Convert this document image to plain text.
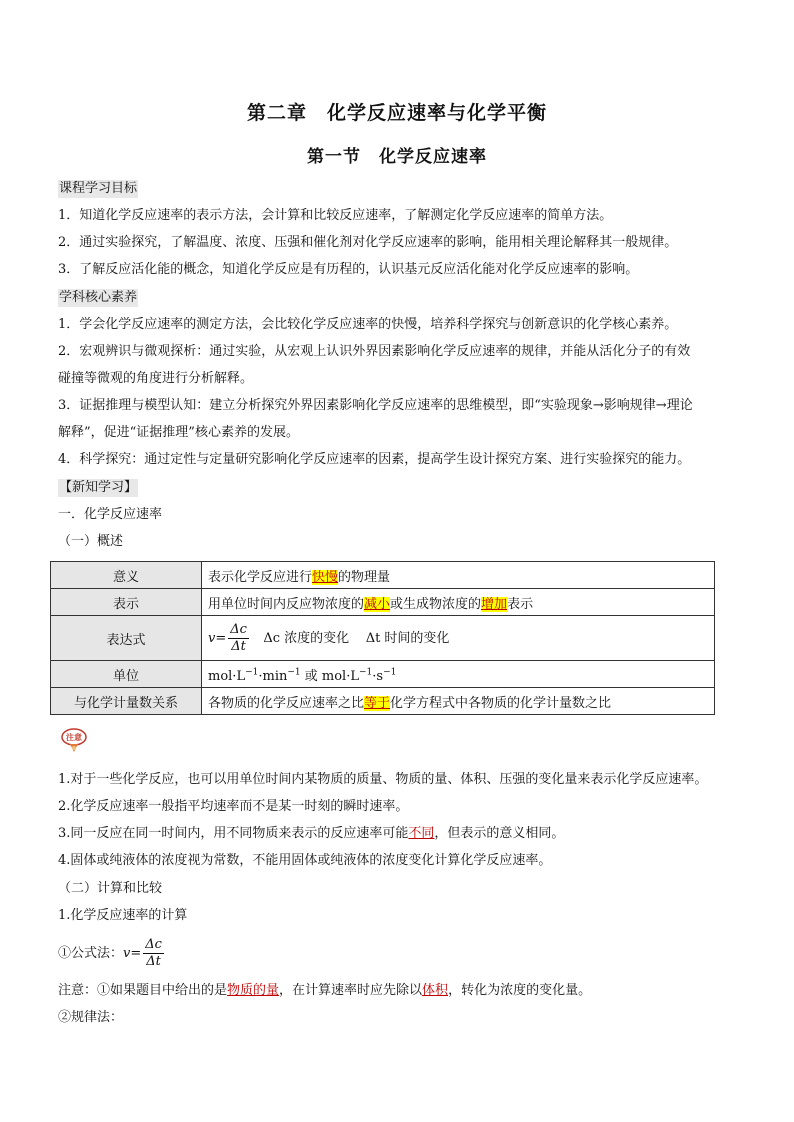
第二章　化学反应速率与化学平衡
第一节　化学反应速率
课程学习目标
1．知道化学反应速率的表示方法，会计算和比较反应速率，了解测定化学反应速率的简单方法。
2．通过实验探究，了解温度、浓度、压强和催化剂对化学反应速率的影响，能用相关理论解释其一般规律。
3．了解反应活化能的概念，知道化学反应是有历程的，认识基元反应活化能对化学反应速率的影响。
学科核心素养
1．学会化学反应速率的测定方法，会比较化学反应速率的快慢，培养科学探究与创新意识的化学核心素养。
2．宏观辨识与微观探析：通过实验，从宏观上认识外界因素影响化学反应速率的规律，并能从活化分子的有效
碰撞等微观的角度进行分析解释。
3．证据推理与模型认知：建立分析探究外界因素影响化学反应速率的思维模型，即“实验现象→影响规律→理论
解释”，促进“证据推理”核心素养的发展。
4．科学探究：通过定性与定量研究影响化学反应速率的因素，提高学生设计探究方案、进行实验探究的能力。
【新知学习】
一．化学反应速率
（一）概述
意义	表示化学反应进行快慢的物理量
表示	用单位时间内反应物浓度的减小或生成物浓度的增加表示
表达式	$v= \frac{\Delta c}{\Delta t}$ Δc 浓度的变化 Δt 时间的变化
单位	$mol\cdot L^{-1}\cdot\min^{-1}$ 或 $mol\cdot L^{-1}\cdot s^{-1}$
与化学计量数关系	各物质的化学反应速率之比等于化学方程式中各物质的化学计量数之比
注意
1.对于一些化学反应，也可以用单位时间内某物质的质量、物质的量、体积、压强的变化量来表示化学反应速率。
2.化学反应速率一般指平均速率而不是某一时刻的瞬时速率。
3.同一反应在同一时间内，用不同物质来表示的反应速率可能不同，但表示的意义相同。
4.固体或纯液体的浓度视为常数，不能用固体或纯液体的浓度变化计算化学反应速率。
（二）计算和比较
1.化学反应速率的计算
①公式法：$v= \frac{\Delta c}{\Delta t}$
注意：①如果题目中给出的是物质的量，在计算速率时应先除以体积，转化为浓度的变化量。
②规律法：
